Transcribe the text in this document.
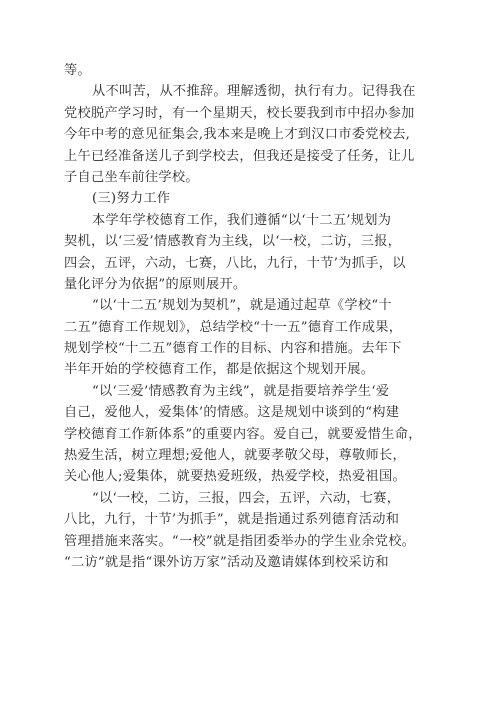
等。
从不叫苦，从不推辞。理解透彻，执行有力。记得我在
党校脱产学习时，有一个星期天，校长要我到市中招办参加
今年中考的意见征集会,我本来是晚上才到汉口市委党校去,
上午已经准备送儿子到学校去，但我还是接受了任务，让儿
子自己坐车前往学校。
(三)努力工作
本学年学校德育工作，我们遵循“以‘十二五’规划为
契机，以‘三爱’情感教育为主线，以‘一校，二访，三报，
四会，五评，六动，七赛，八比，九行，十节’为抓手，以
量化评分为依据”的原则展开。
“以‘十二五’规划为契机”，就是通过起草《学校“十
二五”德育工作规划》，总结学校“十一五”德育工作成果，
规划学校“十二五”德育工作的目标、内容和措施。去年下
半年开始的学校德育工作，都是依据这个规划开展。
“以‘三爱’情感教育为主线”，就是指要培养学生‘爱
自己，爱他人，爱集体’的情感。这是规划中谈到的“构建
学校德育工作新体系”的重要内容。爱自己，就要爱惜生命，
热爱生活，树立理想;爱他人，就要孝敬父母，尊敬师长，
关心他人;爱集体，就要热爱班级，热爱学校，热爱祖国。
“以‘一校，二访，三报，四会，五评，六动，七赛，
八比，九行，十节’为抓手”，就是指通过系列德育活动和
管理措施来落实。“一校”就是指团委举办的学生业余党校。
“二访”就是指“课外访万家”活动及邀请媒体到校采访和
